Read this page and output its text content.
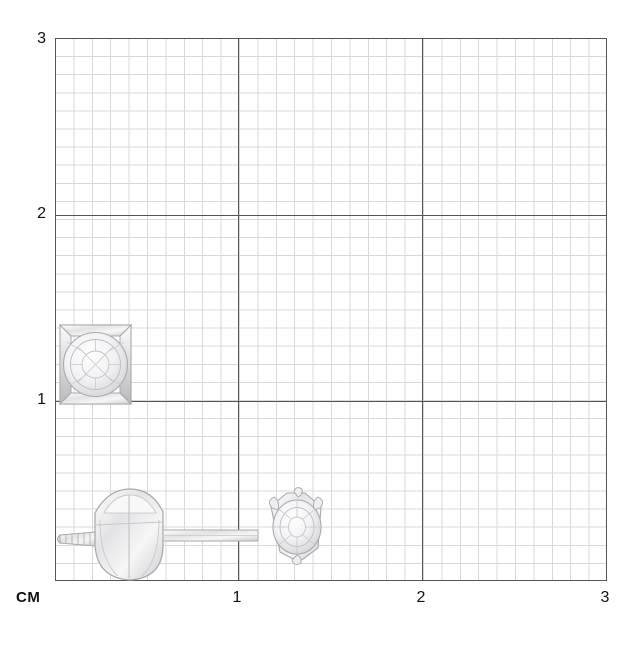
3
2
1
1	2	3
CM
